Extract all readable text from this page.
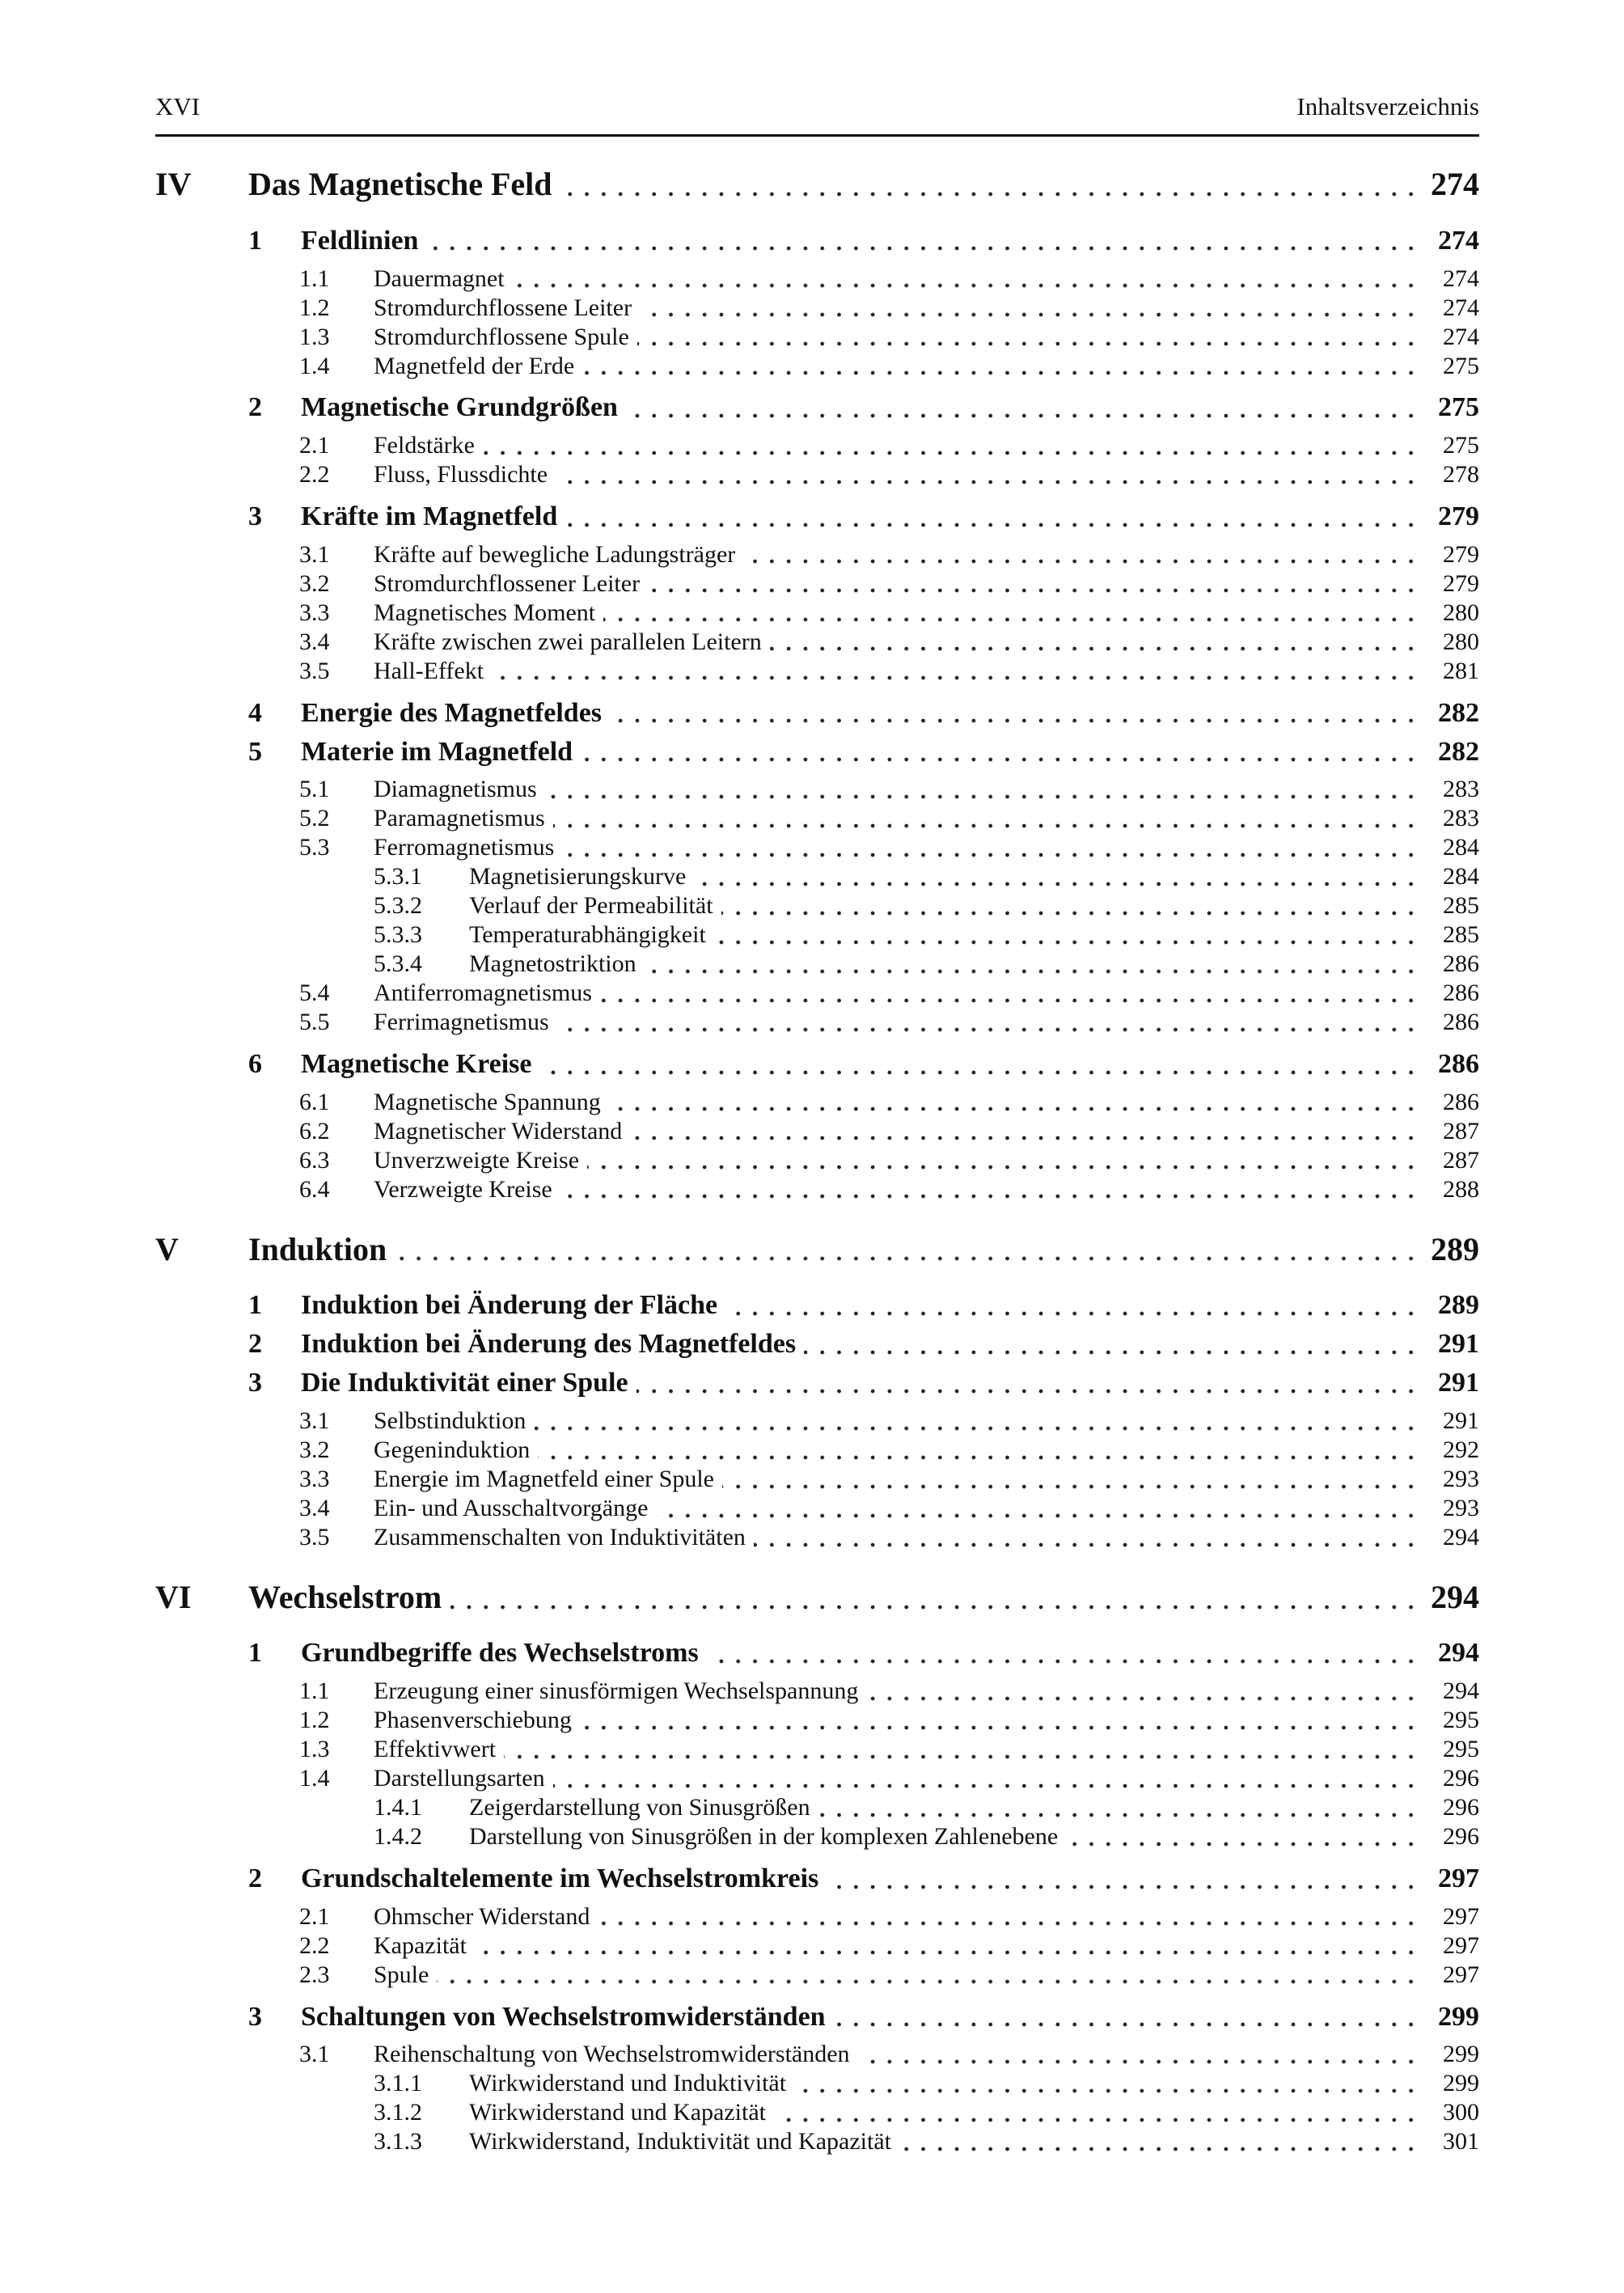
XVI	Inhaltsverzeichnis
IV Das Magnetische Feld	274
1 Feldlinien	274
1.1 Dauermagnet	274
1.2 Stromdurchflossene Leiter	274
1.3 Stromdurchflossene Spule	274
1.4 Magnetfeld der Erde	275
2 Magnetische Grundgrößen	275
2.1 Feldstärke	275
2.2 Fluss, Flussdichte	278
3 Kräfte im Magnetfeld	279
3.1 Kräfte auf bewegliche Ladungsträger	279
3.2 Stromdurchflossener Leiter	279
3.3 Magnetisches Moment	280
3.4 Kräfte zwischen zwei parallelen Leitern	280
3.5 Hall-Effekt	281
4 Energie des Magnetfeldes	282
5 Materie im Magnetfeld	282
5.1 Diamagnetismus	283
5.2 Paramagnetismus	283
5.3 Ferromagnetismus	284
5.3.1 Magnetisierungskurve	284
5.3.2 Verlauf der Permeabilität	285
5.3.3 Temperaturabhängigkeit	285
5.3.4 Magnetostriktion	286
5.4 Antiferromagnetismus	286
5.5 Ferrimagnetismus	286
6 Magnetische Kreise	286
6.1 Magnetische Spannung	286
6.2 Magnetischer Widerstand	287
6.3 Unverzweigte Kreise	287
6.4 Verzweigte Kreise	288
V Induktion	289
1 Induktion bei Änderung der Fläche	289
2 Induktion bei Änderung des Magnetfeldes	291
3 Die Induktivität einer Spule	291
3.1 Selbstinduktion	291
3.2 Gegeninduktion	292
3.3 Energie im Magnetfeld einer Spule	293
3.4 Ein- und Ausschaltvorgänge	293
3.5 Zusammenschalten von Induktivitäten	294
VI Wechselstrom	294
1 Grundbegriffe des Wechselstroms	294
1.1 Erzeugung einer sinusförmigen Wechselspannung	294
1.2 Phasenverschiebung	295
1.3 Effektivwert	295
1.4 Darstellungsarten	296
1.4.1 Zeigerdarstellung von Sinusgrößen	296
1.4.2 Darstellung von Sinusgrößen in der komplexen Zahlenebene	296
2 Grundschaltelemente im Wechselstromkreis	297
2.1 Ohmscher Widerstand	297
2.2 Kapazität	297
2.3 Spule	297
3 Schaltungen von Wechselstromwiderständen	299
3.1 Reihenschaltung von Wechselstromwiderständen	299
3.1.1 Wirkwiderstand und Induktivität	299
3.1.2 Wirkwiderstand und Kapazität	300
3.1.3 Wirkwiderstand, Induktivität und Kapazität	301
